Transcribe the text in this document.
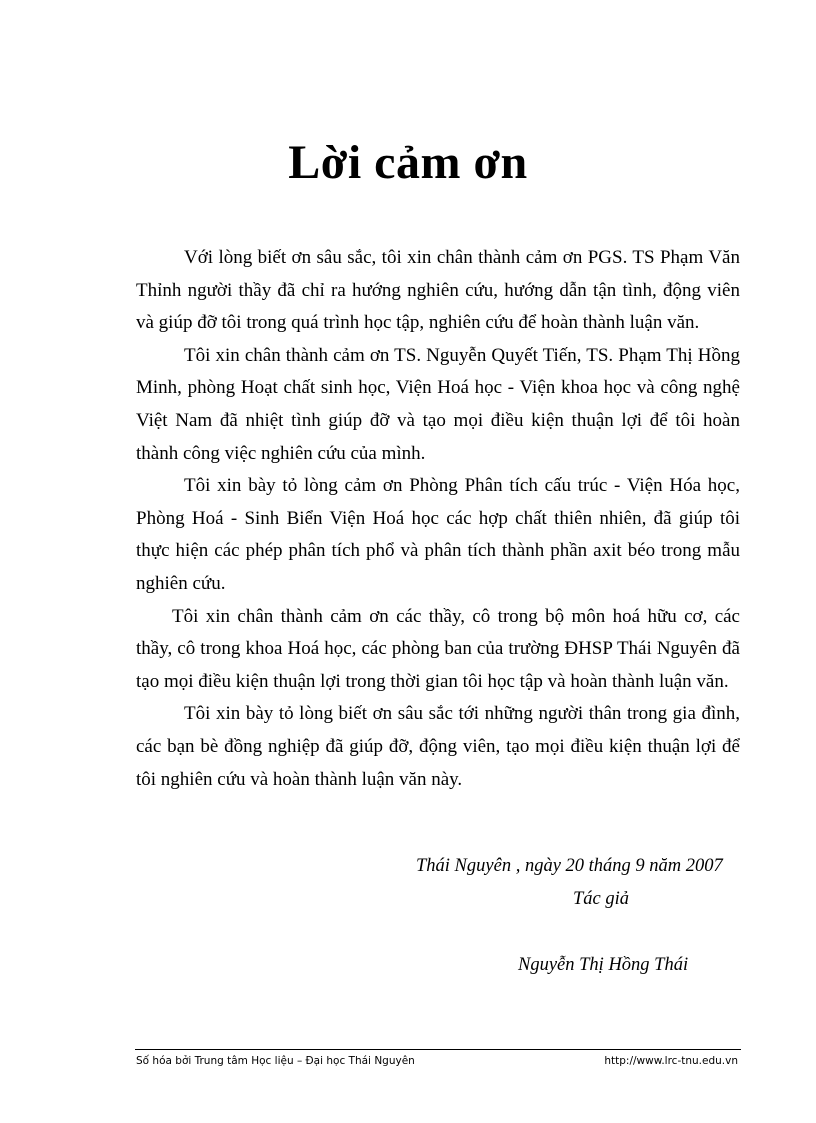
Lời cảm ơn

Với lòng biết ơn sâu sắc, tôi xin chân thành cảm ơn PGS. TS Phạm Văn Thỉnh người thầy đã chỉ ra hướng nghiên cứu, hướng dẫn tận tình, động viên và giúp đỡ tôi trong quá trình học tập, nghiên cứu để hoàn thành luận văn.

Tôi xin chân thành cảm ơn TS. Nguyễn Quyết Tiến, TS. Phạm Thị Hồng Minh, phòng Hoạt chất sinh học, Viện Hoá học - Viện khoa học và công nghệ Việt Nam đã nhiệt tình giúp đỡ và tạo mọi điều kiện thuận lợi để tôi hoàn thành công việc nghiên cứu của mình.

Tôi xin bày tỏ lòng cảm ơn Phòng Phân tích cấu trúc - Viện Hóa học, Phòng Hoá - Sinh Biển Viện Hoá học các hợp chất thiên nhiên, đã giúp tôi thực hiện các phép phân tích phổ và phân tích thành phần axit béo trong mẫu nghiên cứu.

Tôi xin chân thành cảm ơn các thầy, cô trong bộ môn hoá hữu cơ, các thầy, cô trong khoa Hoá học, các phòng ban của trường ĐHSP Thái Nguyên đã tạo mọi điều kiện thuận lợi trong thời gian tôi học tập và hoàn thành luận văn.

Tôi xin bày tỏ lòng biết ơn sâu sắc tới những người thân trong gia đình, các bạn bè đồng nghiệp đã giúp đỡ, động viên, tạo mọi điều kiện thuận lợi để tôi nghiên cứu và hoàn thành luận văn này.

Thái Nguyên , ngày 20 tháng 9 năm 2007
Tác giả
Nguyễn Thị Hồng Thái
Số hóa bởi Trung tâm Học liệu – Đại học Thái Nguyên	http://www.lrc-tnu.edu.vn
